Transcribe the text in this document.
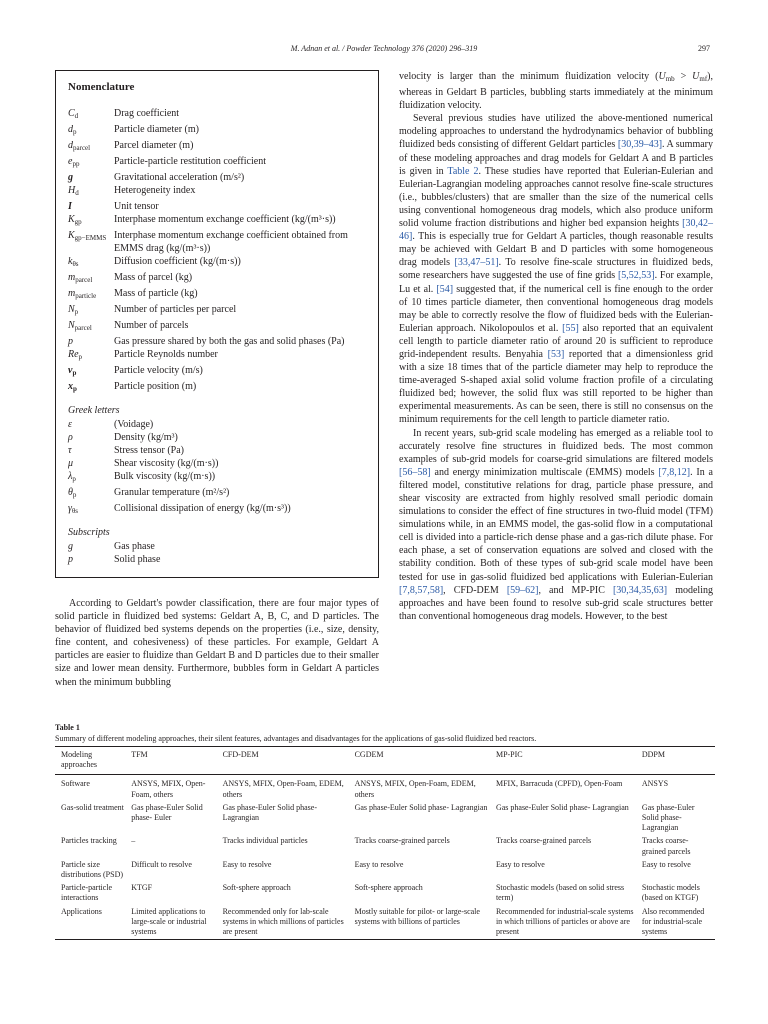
M. Adnan et al. / Powder Technology 376 (2020) 296–319	297
Nomenclature
$C_d$	Drag coefficient
$d_p$	Particle diameter (m)
$d_{parcel}$	Parcel diameter (m)
$e_{pp}$	Particle-particle restitution coefficient
g	Gravitational acceleration (m/s²)
$H_d$	Heterogeneity index
I	Unit tensor
$K_{gp}$	Interphase momentum exchange coefficient (kg/(m³·s))
$K_{gp-EMMS}$ Interphase momentum exchange coefficient obtained from EMMS drag (kg/(m³·s))
$k_{\theta s}$	Diffusion coefficient (kg/(m·s))
$m_{parcel}$	Mass of parcel (kg)
$m_{particle}$	Mass of particle (kg)
$N_p$	Number of particles per parcel
$N_{parcel}$	Number of parcels
p	Gas pressure shared by both the gas and solid phases (Pa)
$Re_p$	Particle Reynolds number
$v_p$	Particle velocity (m/s)
$x_p$	Particle position (m)
Greek letters
ε	(Voidage)
ρ	Density (kg/m³)
τ	Stress tensor (Pa)
μ	Shear viscosity (kg/(m·s))
$\lambda_p$	Bulk viscosity (kg/(m·s))
$\theta_p$	Granular temperature (m²/s²)
$\gamma_{\theta s}$	Collisional dissipation of energy (kg/(m·s³))
Subscripts
g	Gas phase
p	Solid phase

According to Geldart's powder classification, there are four major types of solid particle in fluidized bed systems: Geldart A, B, C, and D particles. The behavior of fluidized bed systems depends on the properties (i.e., size, density, fine content, and cohesiveness) of these particles. For example, Geldart A particles are easier to fluidize than Geldart B and D particles due to their smaller size and lower mean density. Furthermore, bubbles form in Geldart A particles when the minimum bubbling

velocity is larger than the minimum fluidization velocity $(U_{mb} > U_{mf})$, whereas in Geldart B particles, bubbling starts immediately at the minimum fluidization velocity.

Several previous studies have utilized the above-mentioned numerical modeling approaches to understand the hydrodynamics behavior of bubbling fluidized beds consisting of different Geldart particles [30,39–43]. A summary of these modeling approaches and drag models for Geldart A and B particles is given in Table 2. These studies have reported that Eulerian-Eulerian and Eulerian-Lagrangian modeling approaches cannot resolve fine-scale structures (i.e., bubbles/clusters) that are smaller than the size of the numerical cells using conventional homogeneous drag models, which also produce uniform solid volume fraction distributions and higher bed expansion heights [30,42–46]. This is especially true for Geldart A particles, though reasonable results may be achieved with Geldart B and D particles with some homogeneous drag models [33,47–51]. To resolve fine-scale structures in fluidized beds, some researchers have suggested the use of fine grids [5,52,53]. For example, Lu et al. [54] suggested that, if the numerical cell is fine enough to the order of 10 times particle diameter, then conventional homogeneous drag models may be able to correctly resolve the flow of fluidized beds with the Eulerian-Eulerian approach. Nikolopoulos et al. [55] also reported that an equivalent cell length to particle diameter ratio of around 20 is sufficient to reproduce grid-independent results. Benyahia [53] reported that a dimensionless grid with a size 18 times that of the particle diameter may help to reproduce the time-averaged S-shaped axial solid volume fraction profile of a circulating fluidized bed; however, the solid flux was still reported to be higher than experimental measurements. As can be seen, there is still no consensus on the minimum requirements for the cell length to particle diameter ratio.

In recent years, sub-grid scale modeling has emerged as a reliable tool to accurately resolve fine structures in fluidized beds. The most common examples of sub-grid models for coarse-grid simulations are filtered models [56–58] and energy minimization multiscale (EMMS) models [7,8,12]. In a filtered model, constitutive relations for drag, particle phase pressure, and shear viscosity are extracted from highly resolved small periodic domain simulations to consider the effect of fine structures in two-fluid model (TFM) simulations while, in an EMMS model, the gas-solid flow in a computational cell is divided into a particle-rich dense phase and a gas-rich dilute phase. For each phase, a set of conservation equations are solved and closed with the stability condition. Both of these types of sub-grid scale model have been tested for use in gas-solid fluidized bed applications with Eulerian-Eulerian [7,8,57,58], CFD-DEM [59–62], and MP-PIC [30,34,35,63] modeling approaches and have been found to resolve sub-grid scale structures better than conventional homogeneous drag models. However, to the best

Table 1
Summary of different modeling approaches, their silent features, advantages and disadvantages for the applications of gas-solid fluidized bed reactors.
Modeling approaches	TFM	CFD-DEM	CGDEM	MP-PIC	DDPM
Software	ANSYS, MFIX, Open-Foam, others	ANSYS, MFIX, Open-Foam, EDEM, others	ANSYS, MFIX, Open-Foam, EDEM, others	MFIX, Barracuda (CPFD), Open-Foam	ANSYS
Gas-solid treatment	Gas phase-Euler Solid phase- Euler	Gas phase-Euler Solid phase- Lagrangian	Gas phase-Euler Solid phase- Lagrangian	Gas phase-Euler Solid phase- Lagrangian	Gas phase-Euler Solid phase- Lagrangian
Particles tracking	–	Tracks individual particles	Tracks coarse-grained parcels	Tracks coarse-grained parcels	Tracks coarse-grained parcels
Particle size distributions (PSD)	Difficult to resolve	Easy to resolve	Easy to resolve	Easy to resolve	Easy to resolve
Particle-particle interactions	KTGF	Soft-sphere approach	Soft-sphere approach	Stochastic models (based on solid stress term)	Stochastic models (based on KTGF)
Applications	Limited applications to large-scale or industrial systems	Recommended only for lab-scale systems in which millions of particles are present	Mostly suitable for pilot- or large-scale systems with billions of particles	Recommended for industrial-scale systems in which trillions of particles or above are present	Also recommended for industrial-scale systems
